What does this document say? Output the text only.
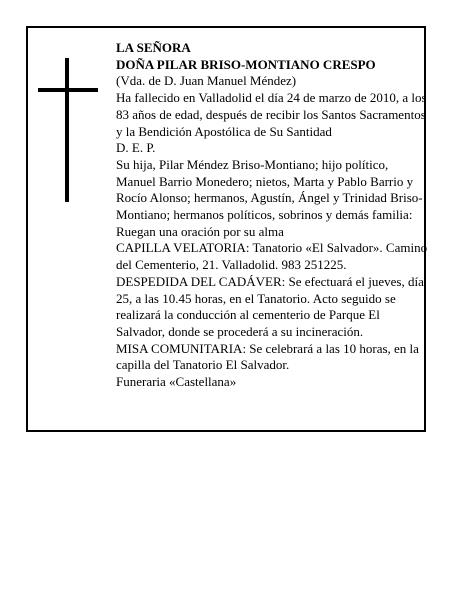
LA SEÑORA

DOÑA PILAR BRISO-MONTIANO CRESPO

(Vda. de D. Juan Manuel Méndez)

Ha fallecido en Valladolid el día 24 de marzo de 2010, a los 83 años de edad, después de recibir los Santos Sacramentos y la Bendición Apostólica de Su Santidad

D. E. P.

Su hija, Pilar Méndez Briso-Montiano; hijo político, Manuel Barrio Monedero; nietos, Marta y Pablo Barrio y Rocío Alonso; hermanos, Agustín, Ángel y Trinidad Briso-Montiano; hermanos políticos, sobrinos y demás familia:

Ruegan una oración por su alma

CAPILLA VELATORIA: Tanatorio «El Salvador». Camino del Cementerio, 21. Valladolid. 983 251225.

DESPEDIDA DEL CADÁVER: Se efectuará el jueves, día 25, a las 10.45 horas, en el Tanatorio. Acto seguido se realizará la conducción al cementerio de Parque El Salvador, donde se procederá a su incineración.

MISA COMUNITARIA: Se celebrará a las 10 horas, en la capilla del Tanatorio El Salvador.

Funeraria «Castellana»
